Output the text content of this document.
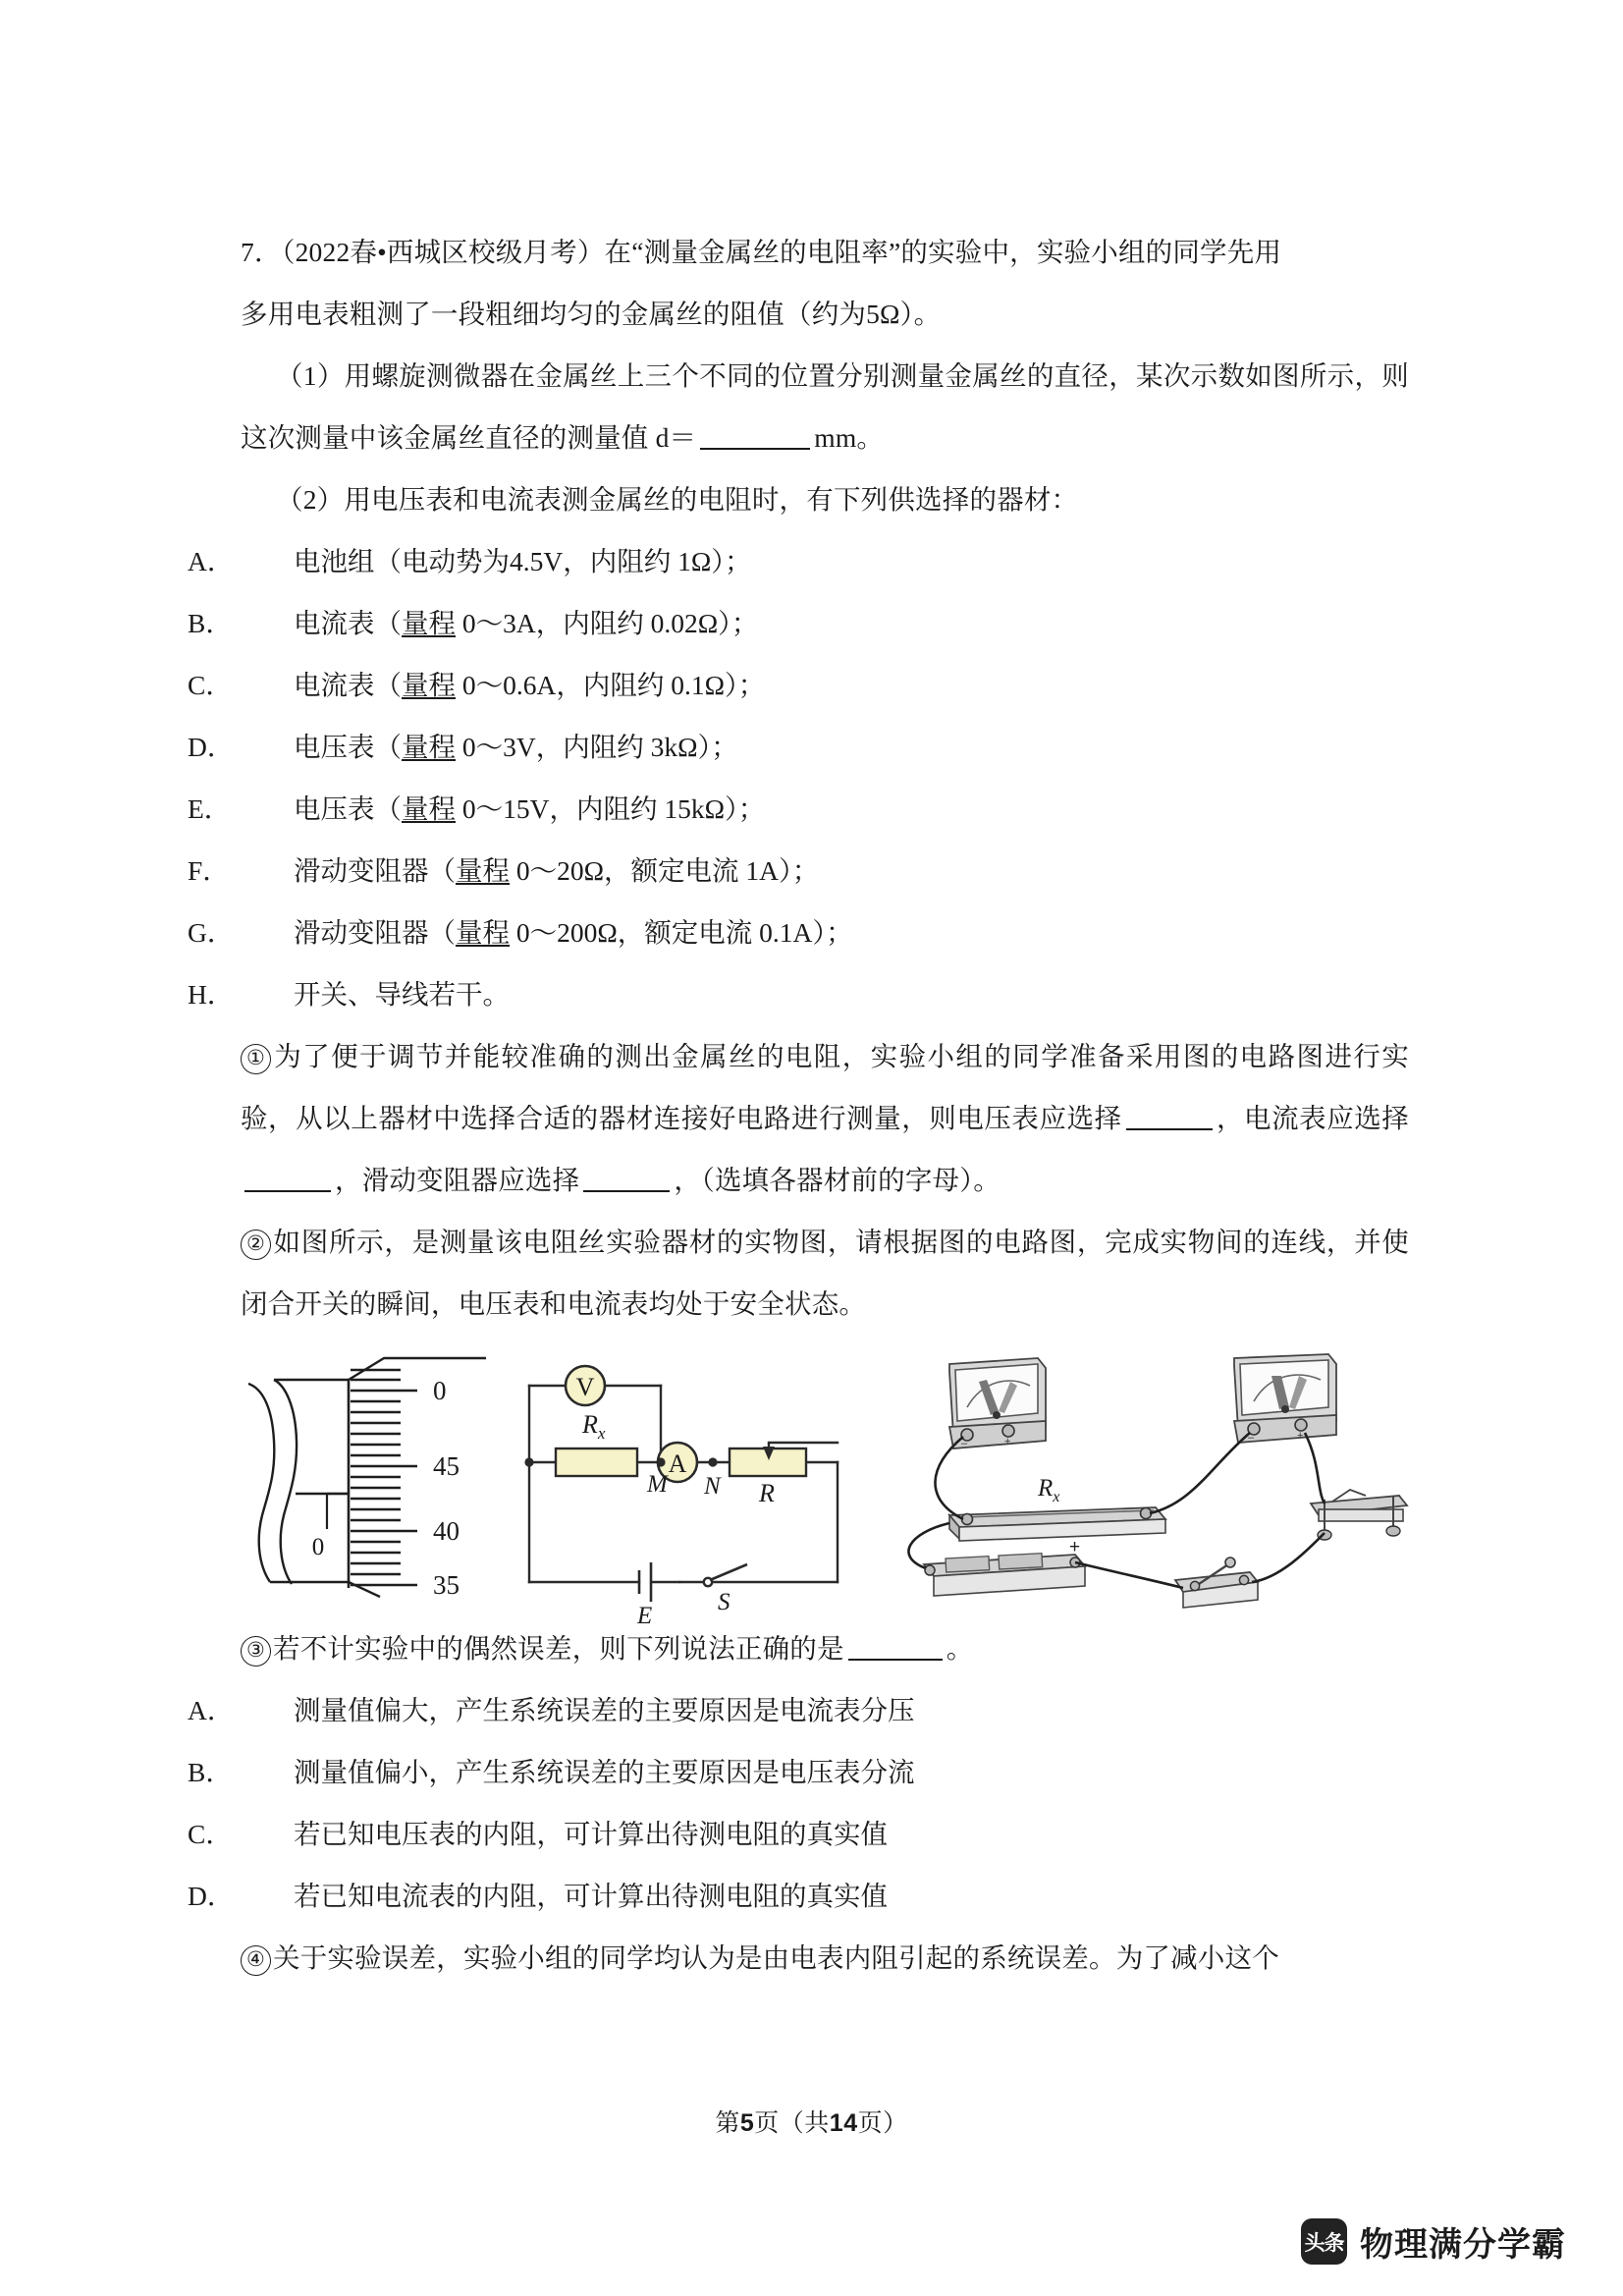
7．（2022春•西城区校级月考）在“测量金属丝的电阻率”的实验中，实验小组的同学先用
多用电表粗测了一段粗细均匀的金属丝的阻值（约为5Ω）。
（1）用螺旋测微器在金属丝上三个不同的位置分别测量金属丝的直径，某次示数如图所示，则这次测量中该金属丝直径的测量值 d＝	mm。
（2）用电压表和电流表测金属丝的电阻时，有下列供选择的器材：
A． 电池组（电动势为4.5V，内阻约 1Ω）；
B． 电流表（量程 0～3A，内阻约 0.02Ω）；
C． 电流表（量程 0～0.6A，内阻约 0.1Ω）；
D． 电压表（量程 0～3V，内阻约 3kΩ）；
E． 电压表（量程 0～15V，内阻约 15kΩ）；
F． 滑动变阻器（量程 0～20Ω，额定电流 1A）；
G． 滑动变阻器（量程 0～200Ω，额定电流 0.1A）；
H． 开关、导线若干。
① 为了便于调节并能较准确的测出金属丝的电阻，实验小组的同学准备采用图的电路图进行实验，从以上器材中选择合适的器材连接好电路进行测量，则电压表应选择	，电流表应选择，滑动变阻器应选择	，（选填各器材前的字母）。
② 如图所示，是测量该电阻丝实验器材的实物图，请根据图的电路图，完成实物间的连线，并使闭合开关的瞬间，电压表和电流表均处于安全状态。
0
0
45
40
35
$R_x$
R
V
A
M N
E
S
–	+	–	+
$R_x$
+
③ 若不计实验中的偶然误差，则下列说法正确的是	。
A． 测量值偏大，产生系统误差的主要原因是电流表分压
B． 测量值偏小，产生系统误差的主要原因是电压表分流
C． 若已知电压表的内阻，可计算出待测电阻的真实值
D． 若已知电流表的内阻，可计算出待测电阻的真实值
④ 关于实验误差，实验小组的同学均认为是由电表内阻引起的系统误差。为了减小这个
第5页（共14页）
头条 物理满分学霸
